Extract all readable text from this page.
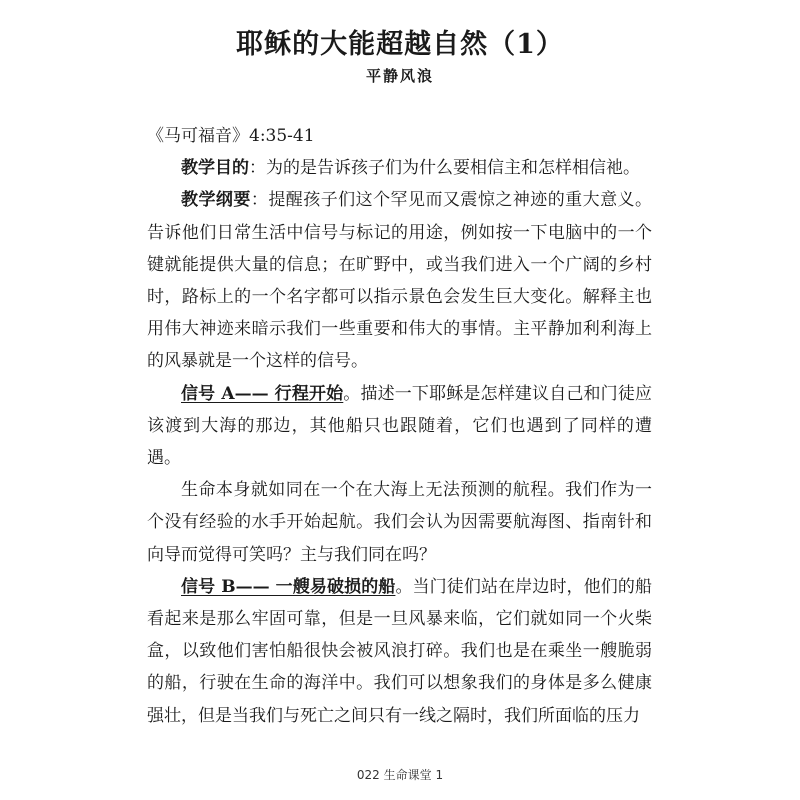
耶稣的大能超越自然（1）
平静风浪

《马可福音》4:35-41

教学目的：为的是告诉孩子们为什么要相信主和怎样相信祂。

教学纲要：提醒孩子们这个罕见而又震惊之神迹的重大意义。告诉他们日常生活中信号与标记的用途，例如按一下电脑中的一个键就能提供大量的信息；在旷野中，或当我们进入一个广阔的乡村时，路标上的一个名字都可以指示景色会发生巨大变化。解释主也用伟大神迹来暗示我们一些重要和伟大的事情。主平静加利利海上的风暴就是一个这样的信号。

信号 A—— 行程开始。描述一下耶稣是怎样建议自己和门徒应该渡到大海的那边，其他船只也跟随着，它们也遇到了同样的遭遇。

生命本身就如同在一个在大海上无法预测的航程。我们作为一个没有经验的水手开始起航。我们会认为因需要航海图、指南针和向导而觉得可笑吗？主与我们同在吗？

信号 B—— 一艘易破损的船。当门徒们站在岸边时，他们的船看起来是那么牢固可靠，但是一旦风暴来临，它们就如同一个火柴盒，以致他们害怕船很快会被风浪打碎。我们也是在乘坐一艘脆弱的船，行驶在生命的海洋中。我们可以想象我们的身体是多么健康强壮，但是当我们与死亡之间只有一线之隔时，我们所面临的压力

022 生命课堂 1
